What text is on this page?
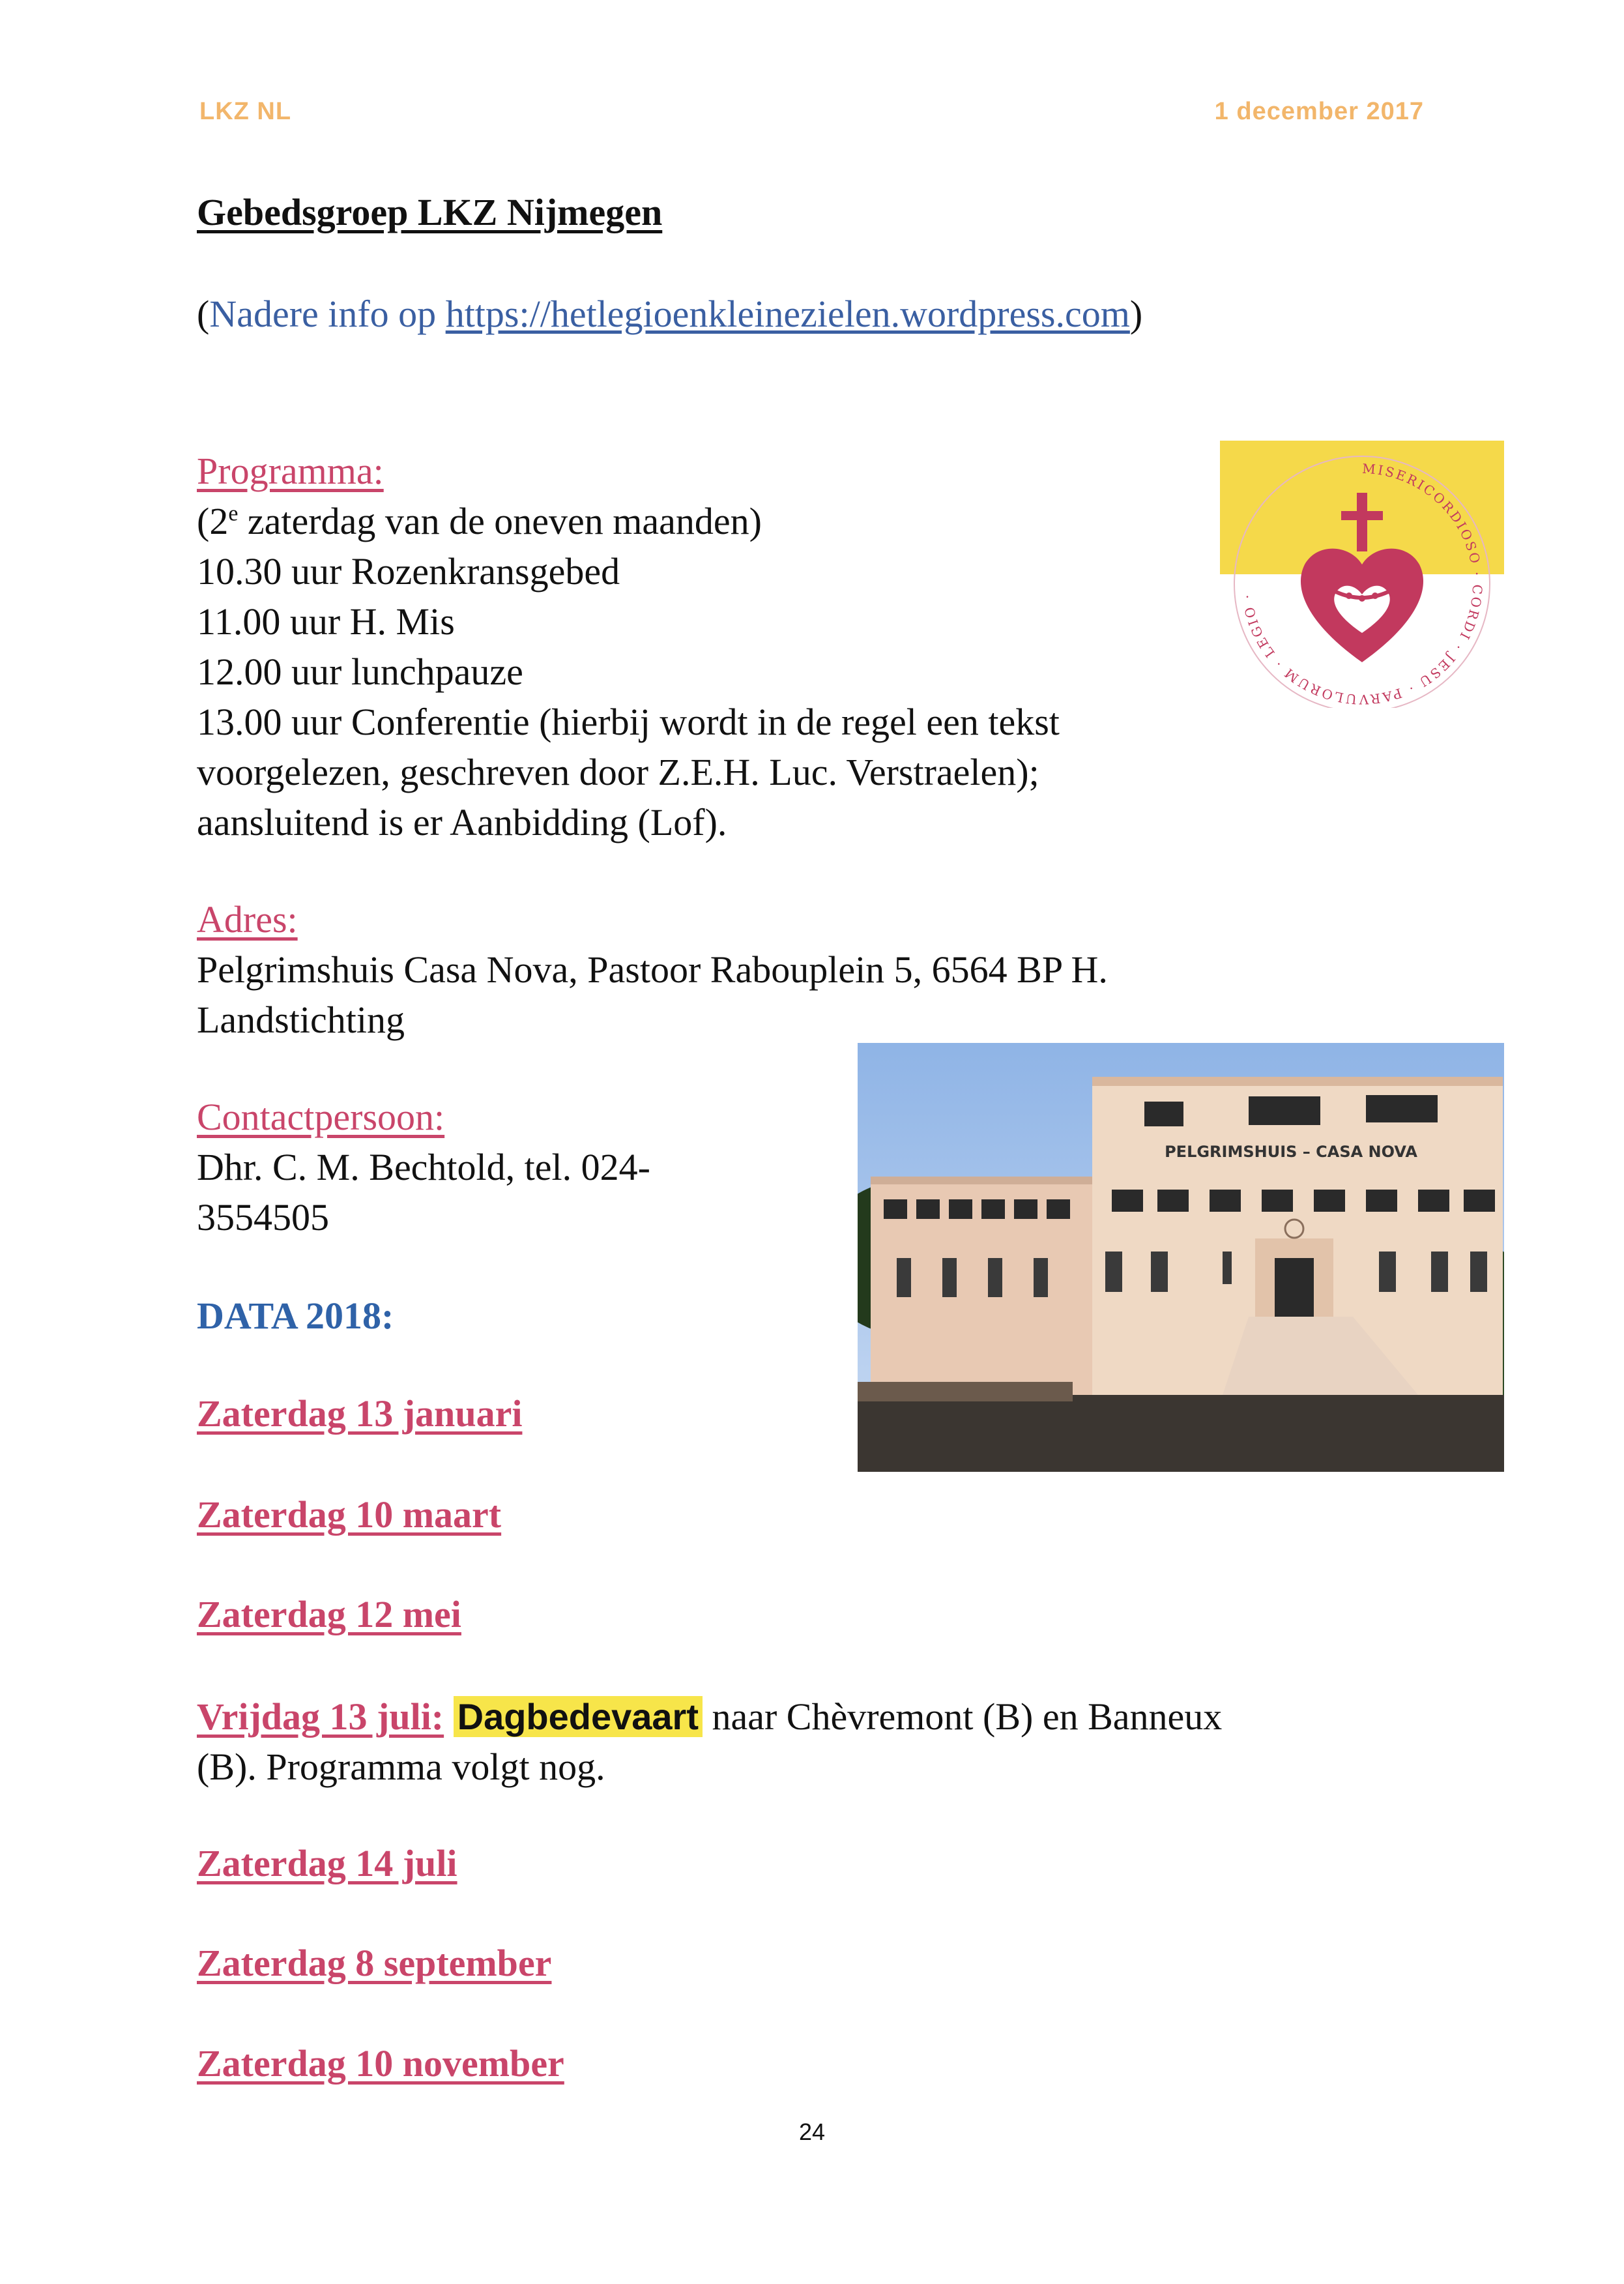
LKZ NL	1 december 2017
Gebedsgroep LKZ Nijmegen
(Nadere info op https://hetlegioenkleinezielen.wordpress.com)
Programma:
(2e zaterdag van de oneven maanden)
10.30 uur Rozenkransgebed
11.00 uur H. Mis
12.00 uur lunchpauze
13.00 uur Conferentie (hierbij wordt in de regel een tekst
voorgelezen, geschreven door Z.E.H. Luc. Verstraelen);
aansluitend is er Aanbidding (Lof).
Adres:
Pelgrimshuis Casa Nova, Pastoor Rabouplein 5, 6564 BP H.
Landstichting
Contactpersoon:
Dhr. C. M. Bechtold, tel. 024-
3554505
DATA 2018:
Zaterdag 13 januari
Zaterdag 10 maart
Zaterdag 12 mei
Vrijdag 13 juli: Dagbedevaart naar Chèvremont (B) en Banneux
(B). Programma volgt nog.
Zaterdag 14 juli
Zaterdag 8 september
Zaterdag 10 november
24
MISERICORDIOSO · CORDI · JESU · PARVULORUM · LEGIO ·
PELGRIMSHUIS – CASA NOVA
